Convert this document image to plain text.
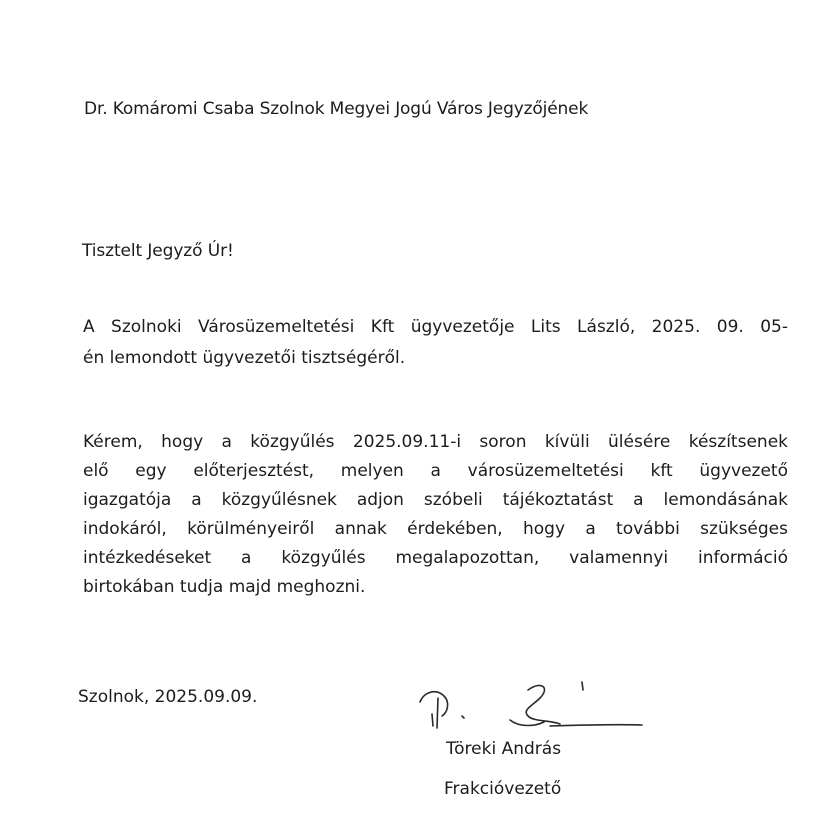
Dr. Komáromi Csaba Szolnok Megyei Jogú Város Jegyzőjének
Tisztelt Jegyző Úr!
A Szolnoki Városüzemeltetési Kft ügyvezetője Lits László, 2025. 09. 05-
én lemondott ügyvezetői tisztségéről.
Kérem, hogy a közgyűlés 2025.09.11-i soron kívüli ülésére készítsenek
elő egy előterjesztést, melyen a városüzemeltetési kft ügyvezető
igazgatója a közgyűlésnek adjon szóbeli tájékoztatást a lemondásának
indokáról, körülményeiről annak érdekében, hogy a további szükséges
intézkedéseket a közgyűlés megalapozottan, valamennyi információ
birtokában tudja majd meghozni.
Szolnok, 2025.09.09.
Töreki András
Frakcióvezető
